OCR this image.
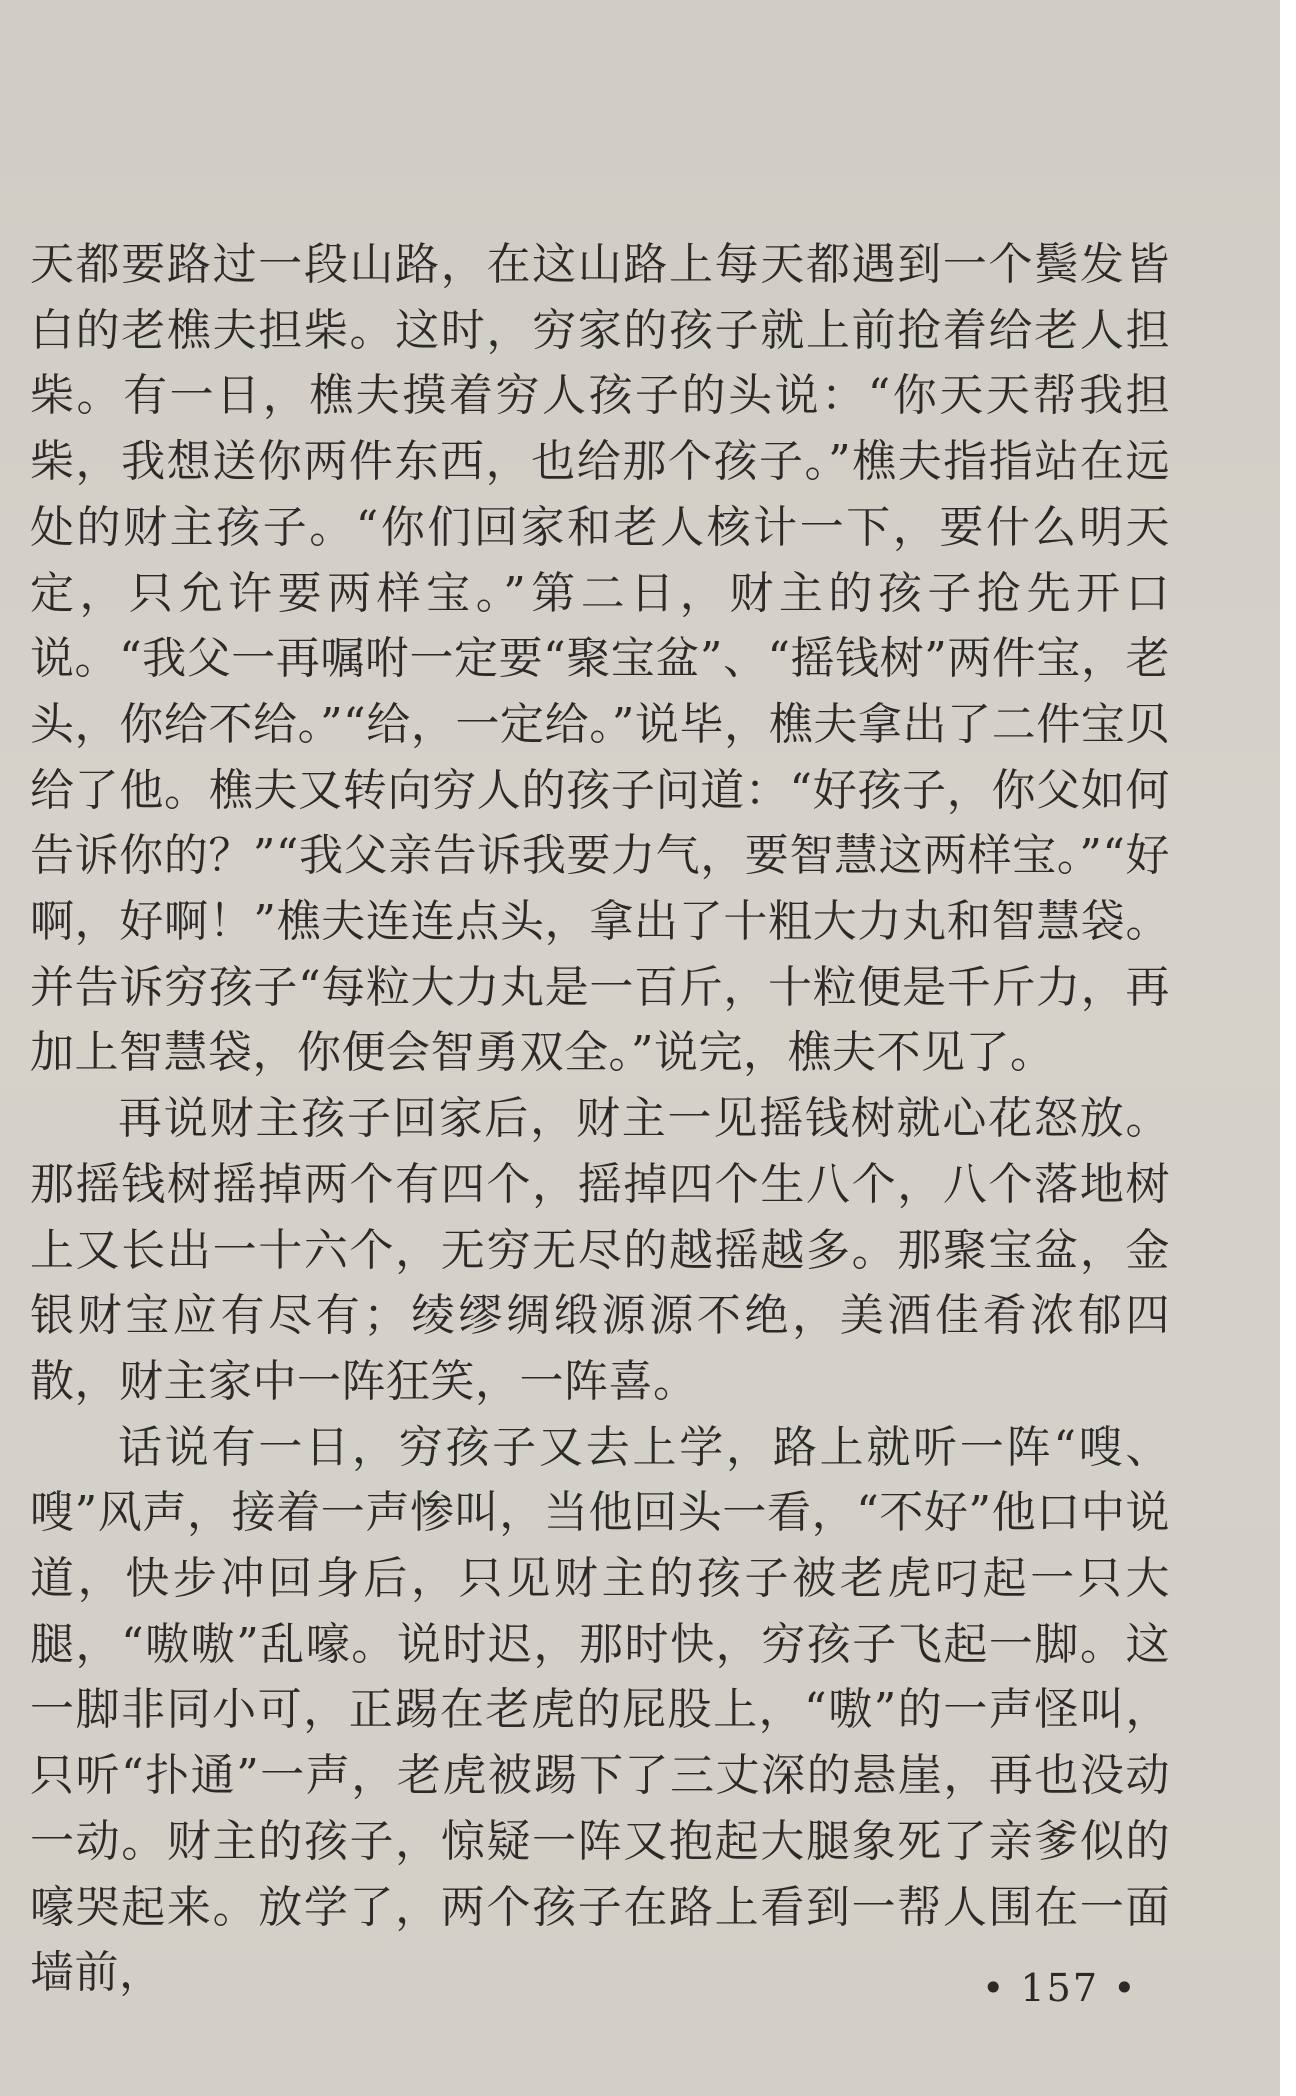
天都要路过一段山路，在这山路上每天都遇到一个鬓发皆白的老樵夫担柴。这时，穷家的孩子就上前抢着给老人担柴。有一日，樵夫摸着穷人孩子的头说：“你天天帮我担柴，我想送你两件东西，也给那个孩子。”樵夫指指站在远处的财主孩子。“你们回家和老人核计一下，要什么明天定，只允许要两样宝。”第二日，财主的孩子抢先开口说。“我父一再嘱咐一定要“聚宝盆”、“摇钱树”两件宝，老头，你给不给。”“给，一定给。”说毕，樵夫拿出了二件宝贝给了他。樵夫又转向穷人的孩子问道：“好孩子，你父如何告诉你的？”“我父亲告诉我要力气，要智慧这两样宝。”“好啊，好啊！”樵夫连连点头，拿出了十粗大力丸和智慧袋。并告诉穷孩子“每粒大力丸是一百斤，十粒便是千斤力，再加上智慧袋，你便会智勇双全。”说完，樵夫不见了。

再说财主孩子回家后，财主一见摇钱树就心花怒放。那摇钱树摇掉两个有四个，摇掉四个生八个，八个落地树上又长出一十六个，无穷无尽的越摇越多。那聚宝盆，金银财宝应有尽有；绫缪绸缎源源不绝，美酒佳肴浓郁四散，财主家中一阵狂笑，一阵喜。

话说有一日，穷孩子又去上学，路上就听一阵“嗖、嗖”风声，接着一声惨叫，当他回头一看，“不好”他口中说道，快步冲回身后，只见财主的孩子被老虎叼起一只大腿，“嗷嗷”乱嚎。说时迟，那时快，穷孩子飞起一脚。这一脚非同小可，正踢在老虎的屁股上，“嗷”的一声怪叫，只听“扑通”一声，老虎被踢下了三丈深的悬崖，再也没动一动。财主的孩子，惊疑一阵又抱起大腿象死了亲爹似的嚎哭起来。放学了，两个孩子在路上看到一帮人围在一面墙前，	• 157 •
